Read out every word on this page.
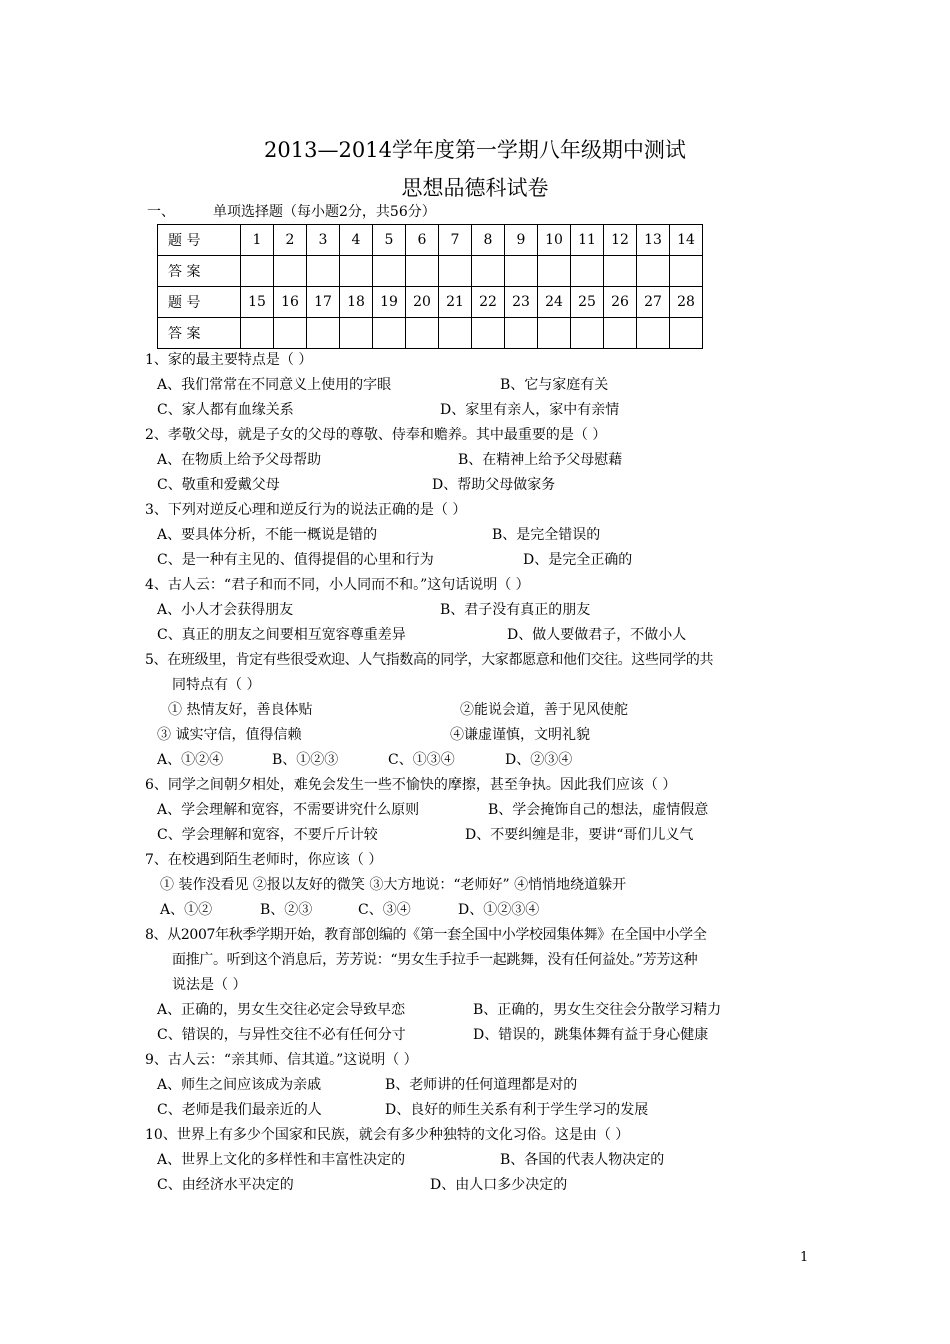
2013—2014学年度第一学期八年级期中测试
思想品德科试卷
一、	单项选择题（每小题2分，共56分）
题 号	1	2	3	4	5	6	7	8	9	10	11	12	13	14
答 案														
题 号	15	16	17	18	19	20	21	22	23	24	25	26	27	28
答 案														
1、家的最主要特点是（ ）
A、我们常常在不同意义上使用的字眼	B、它与家庭有关
C、家人都有血缘关系	D、家里有亲人，家中有亲情
2、孝敬父母，就是子女的父母的尊敬、侍奉和赡养。其中最重要的是（ ）
A、在物质上给予父母帮助	B、在精神上给予父母慰藉
C、敬重和爱戴父母	D、帮助父母做家务
3、下列对逆反心理和逆反行为的说法正确的是（ ）
A、要具体分析，不能一概说是错的	B、是完全错误的
C、是一种有主见的、值得提倡的心里和行为	D、是完全正确的
4、古人云：“君子和而不同，小人同而不和。”这句话说明（ ）
A、小人才会获得朋友	B、君子没有真正的朋友
C、真正的朋友之间要相互宽容尊重差异	D、做人要做君子，不做小人
5、在班级里，肯定有些很受欢迎、人气指数高的同学，大家都愿意和他们交往。这些同学的共
同特点有（ ）
① 热情友好，善良体贴	②能说会道，善于见风使舵
③ 诚实守信，值得信赖	④谦虚谨慎，文明礼貌
A、①②④	B、①②③	C、①③④	D、②③④
6、同学之间朝夕相处，难免会发生一些不愉快的摩擦，甚至争执。因此我们应该（ ）
A、学会理解和宽容，不需要讲究什么原则	B、学会掩饰自己的想法，虚情假意
C、学会理解和宽容，不要斤斤计较	D、不要纠缠是非，要讲“哥们儿义气
7、在校遇到陌生老师时，你应该（ ）
① 装作没看见 ②报以友好的微笑 ③大方地说：“老师好” ④悄悄地绕道躲开
A、①②	B、②③	C、③④	D、①②③④
8、从2007年秋季学期开始，教育部创编的《第一套全国中小学校园集体舞》在全国中小学全
面推广。听到这个消息后，芳芳说：“男女生手拉手一起跳舞，没有任何益处。”芳芳这种
说法是（ ）
A、正确的，男女生交往必定会导致早恋	B、正确的，男女生交往会分散学习精力
C、错误的，与异性交往不必有任何分寸	D、错误的，跳集体舞有益于身心健康
9、古人云：“亲其师、信其道。”这说明（ ）
A、师生之间应该成为亲戚	B、老师讲的任何道理都是对的
C、老师是我们最亲近的人	D、良好的师生关系有利于学生学习的发展
10、世界上有多少个国家和民族，就会有多少种独特的文化习俗。这是由（ ）
A、世界上文化的多样性和丰富性决定的	B、各国的代表人物决定的
C、由经济水平决定的	D、由人口多少决定的
1
